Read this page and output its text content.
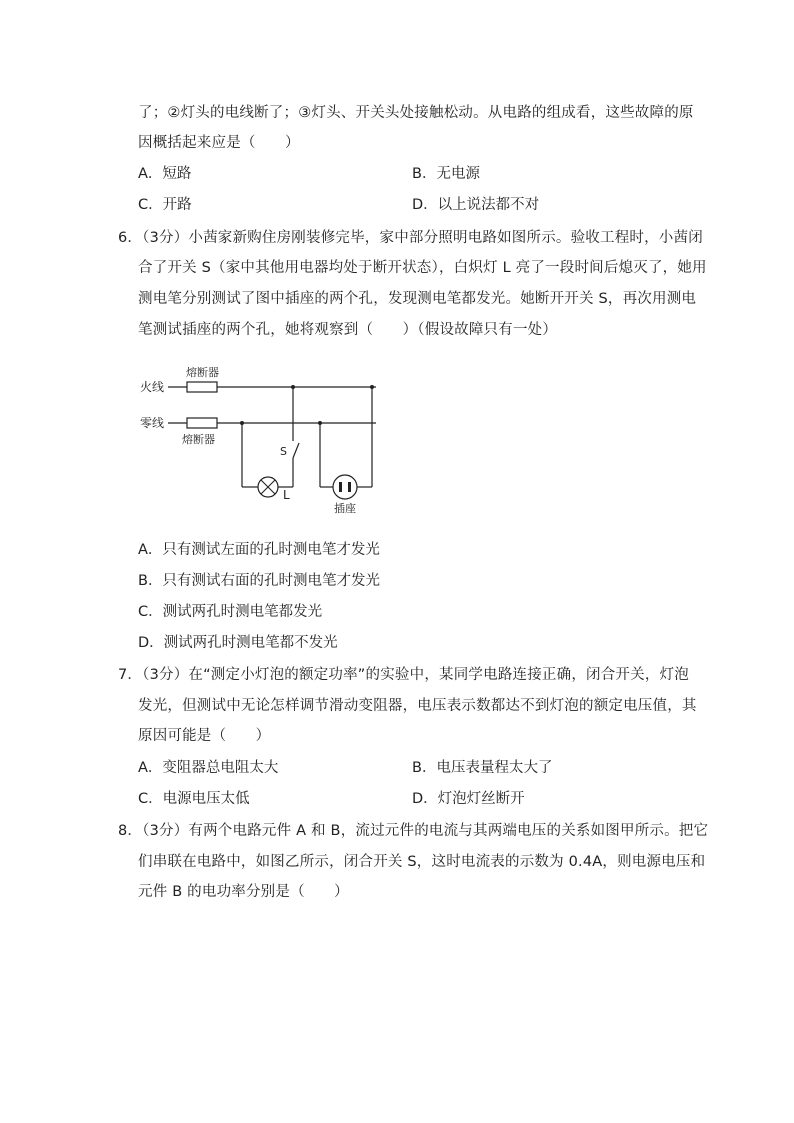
了；②灯头的电线断了；③灯头、开关头处接触松动。从电路的组成看，这些故障的原
因概括起来应是（　　）
A．短路	B．无电源
C．开路	D．以上说法都不对
6．（3分）小茜家新购住房刚装修完毕，家中部分照明电路如图所示。验收工程时，小茜闭
合了开关 S（家中其他用电器均处于断开状态），白炽灯 L 亮了一段时间后熄灭了，她用
测电笔分别测试了图中插座的两个孔，发现测电笔都发光。她断开开关 S，再次用测电
笔测试插座的两个孔，她将观察到（　　）（假设故障只有一处）
火线
零线
熔断器
熔断器
L
S
插座
A．只有测试左面的孔时测电笔才发光
B．只有测试右面的孔时测电笔才发光
C．测试两孔时测电笔都发光
D．测试两孔时测电笔都不发光
7．（3分）在“测定小灯泡的额定功率”的实验中，某同学电路连接正确，闭合开关，灯泡
发光，但测试中无论怎样调节滑动变阻器，电压表示数都达不到灯泡的额定电压值，其
原因可能是（　　）
A．变阻器总电阻太大	B．电压表量程太大了
C．电源电压太低	D．灯泡灯丝断开
8．（3分）有两个电路元件 A 和 B，流过元件的电流与其两端电压的关系如图甲所示。把它
们串联在电路中，如图乙所示，闭合开关 S，这时电流表的示数为 0.4A，则电源电压和
元件 B 的电功率分别是（　　）
